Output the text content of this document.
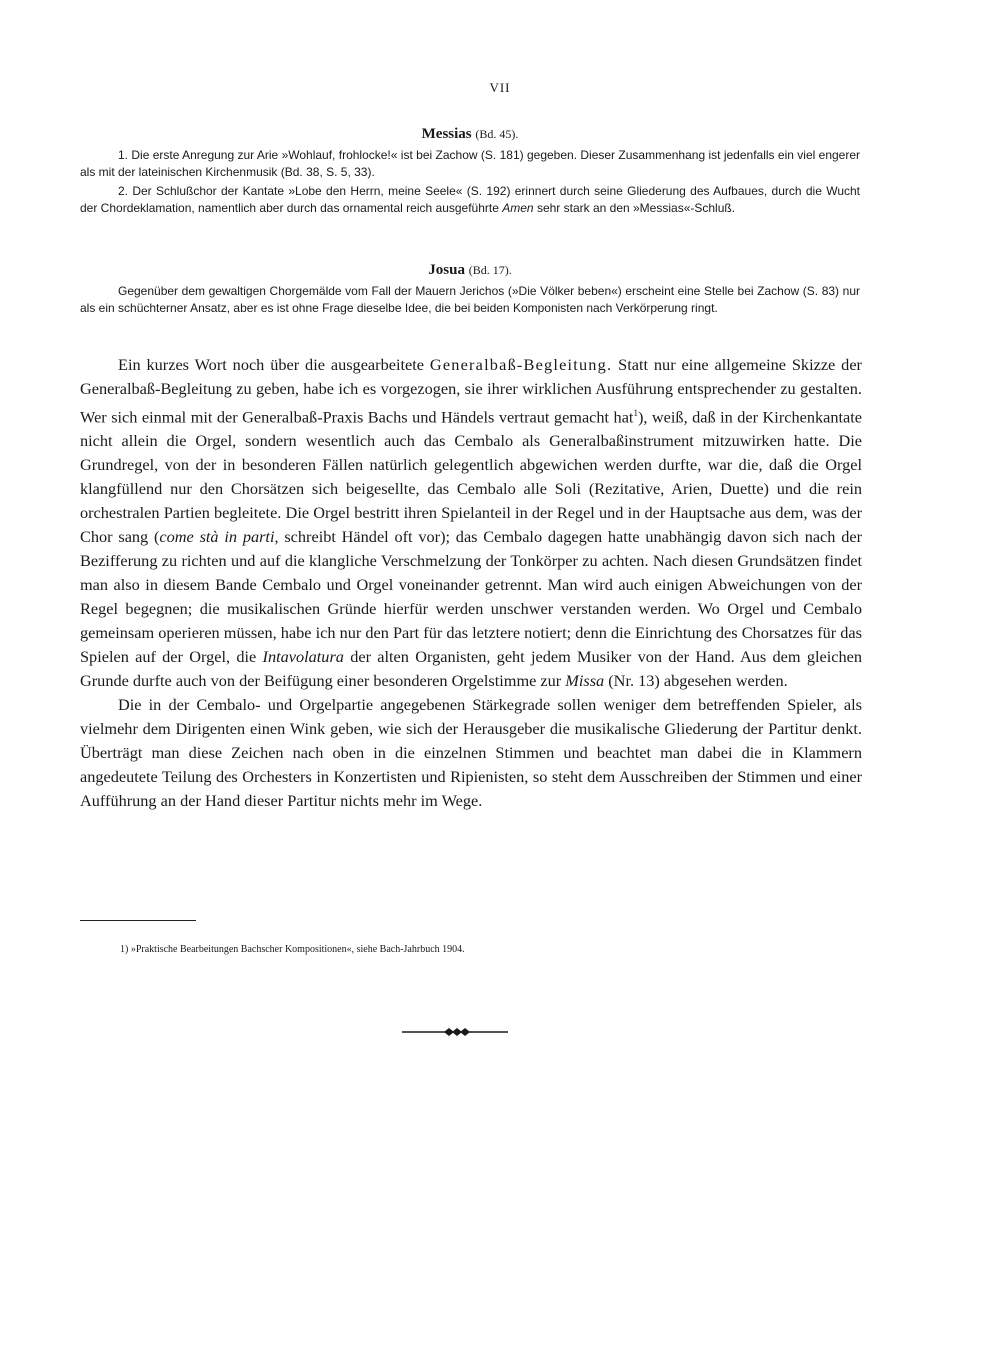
VII

Messias (Bd. 45).

1. Die erste Anregung zur Arie »Wohlauf, frohlocke!« ist bei Zachow (S. 181) gegeben. Dieser Zusammenhang ist jedenfalls ein viel engerer als mit der lateinischen Kirchenmusik (Bd. 38, S. 5, 33).

2. Der Schlußchor der Kantate »Lobe den Herrn, meine Seele« (S. 192) erinnert durch seine Gliederung des Aufbaues, durch die Wucht der Chordeklamation, namentlich aber durch das ornamental reich ausgeführte Amen sehr stark an den »Messias«-Schluß.

Josua (Bd. 17).

Gegenüber dem gewaltigen Chorgemälde vom Fall der Mauern Jerichos (»Die Völker beben«) erscheint eine Stelle bei Zachow (S. 83) nur als ein schüchterner Ansatz, aber es ist ohne Frage dieselbe Idee, die bei beiden Komponisten nach Verkörperung ringt.

Ein kurzes Wort noch über die ausgearbeitete Generalbaß-Begleitung. Statt nur eine allgemeine Skizze der Generalbaß-Begleitung zu geben, habe ich es vorgezogen, sie ihrer wirklichen Ausführung entsprechender zu gestalten. Wer sich einmal mit der Generalbaß-Praxis Bachs und Händels vertraut gemacht hat$^1$), weiß, daß in der Kirchenkantate nicht allein die Orgel, sondern wesentlich auch das Cembalo als Generalbaßinstrument mitzuwirken hatte. Die Grundregel, von der in besonderen Fällen natürlich gelegentlich abgewichen werden durfte, war die, daß die Orgel klangfüllend nur den Chorsätzen sich beigesellte, das Cembalo alle Soli (Rezitative, Arien, Duette) und die rein orchestralen Partien begleitete. Die Orgel bestritt ihren Spielanteil in der Regel und in der Hauptsache aus dem, was der Chor sang (come stà in parti, schreibt Händel oft vor); das Cembalo dagegen hatte unabhängig davon sich nach der Bezifferung zu richten und auf die klangliche Verschmelzung der Tonkörper zu achten. Nach diesen Grundsätzen findet man also in diesem Bande Cembalo und Orgel voneinander getrennt. Man wird auch einigen Abweichungen von der Regel begegnen; die musikalischen Gründe hierfür werden unschwer verstanden werden. Wo Orgel und Cembalo gemeinsam operieren müssen, habe ich nur den Part für das letztere notiert; denn die Einrichtung des Chorsatzes für das Spielen auf der Orgel, die Intavolatura der alten Organisten, geht jedem Musiker von der Hand. Aus dem gleichen Grunde durfte auch von der Beifügung einer besonderen Orgelstimme zur Missa (Nr. 13) abgesehen werden.

Die in der Cembalo- und Orgelpartie angegebenen Stärkegrade sollen weniger dem betreffenden Spieler, als vielmehr dem Dirigenten einen Wink geben, wie sich der Herausgeber die musikalische Gliederung der Partitur denkt. Überträgt man diese Zeichen nach oben in die einzelnen Stimmen und beachtet man dabei die in Klammern angedeutete Teilung des Orchesters in Konzertisten und Ripienisten, so steht dem Ausschreiben der Stimmen und einer Aufführung an der Hand dieser Partitur nichts mehr im Wege.

1) »Praktische Bearbeitungen Bachscher Kompositionen«, siehe Bach-Jahrbuch 1904.
